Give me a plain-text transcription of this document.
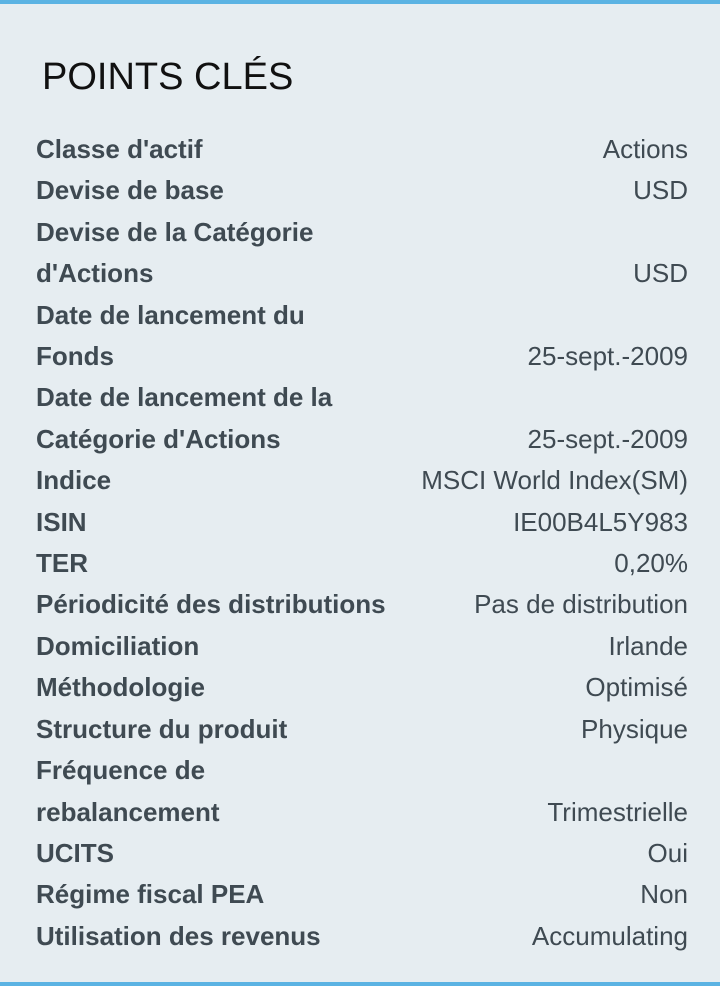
POINTS CLÉS
Classe d'actif	Actions
Devise de base	USD
Devise de la Catégorie
d'Actions	USD
Date de lancement du
Fonds	25-sept.-2009
Date de lancement de la
Catégorie d'Actions	25-sept.-2009
Indice	MSCI World Index(SM)
ISIN	IE00B4L5Y983
TER	0,20%
Périodicité des distributions	Pas de distribution
Domiciliation	Irlande
Méthodologie	Optimisé
Structure du produit	Physique
Fréquence de
rebalancement	Trimestrielle
UCITS	Oui
Régime fiscal PEA	Non
Utilisation des revenus	Accumulating
